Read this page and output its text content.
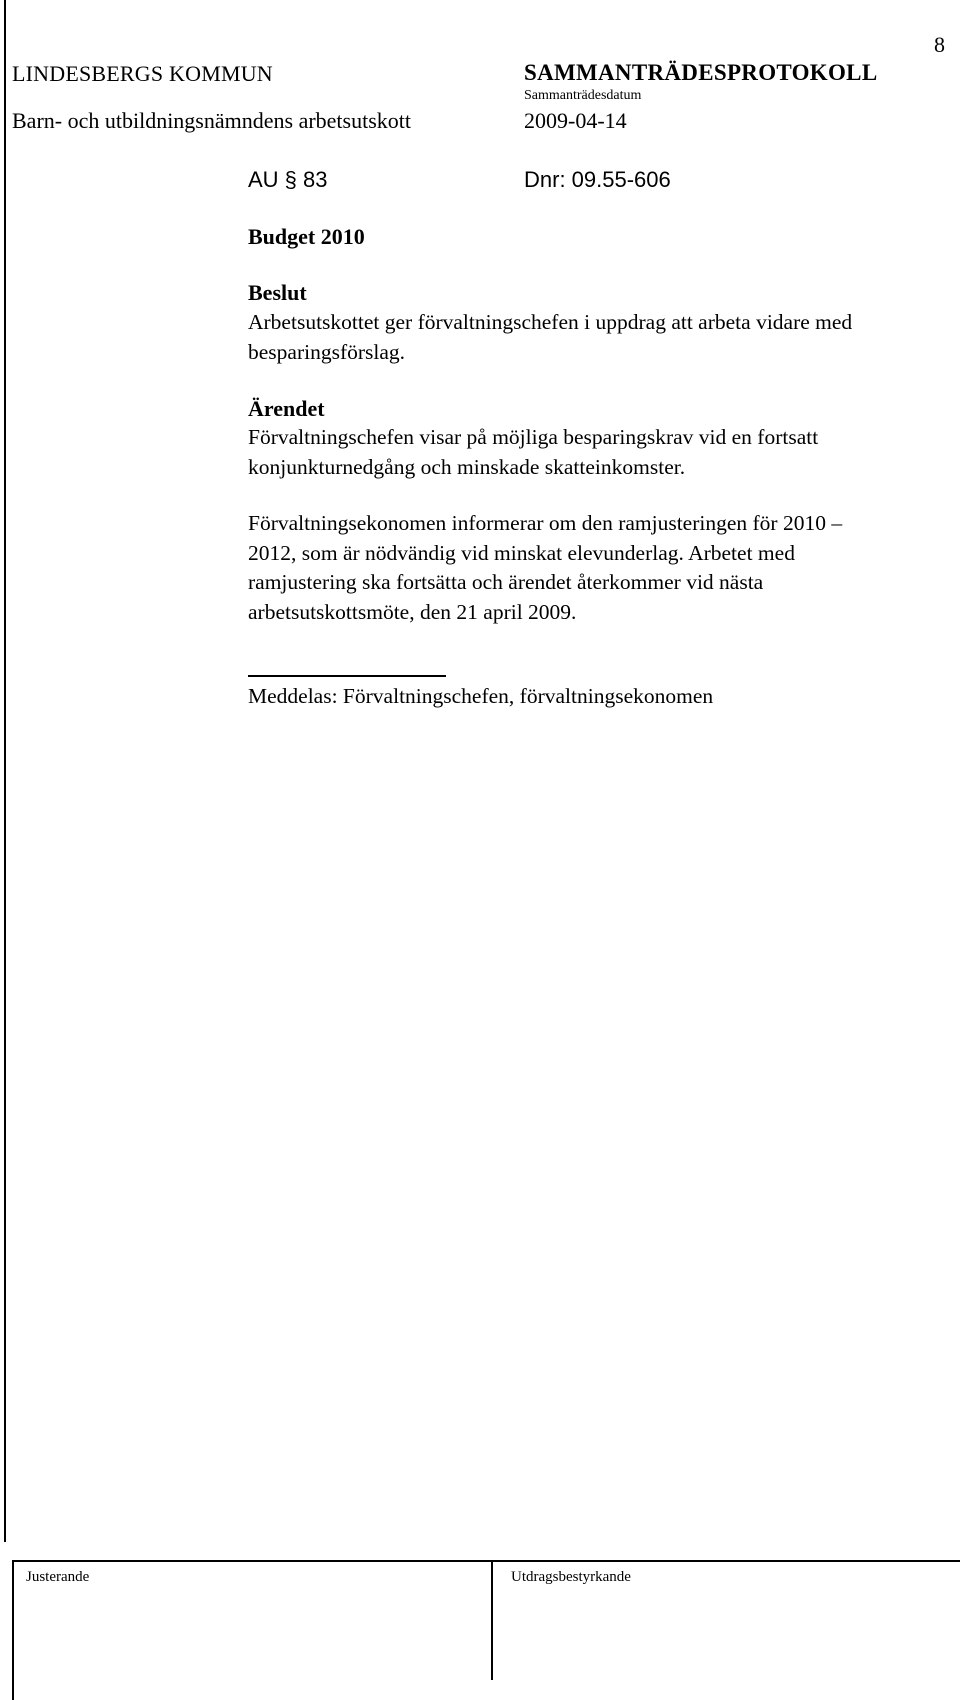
8
LINDESBERGS KOMMUN	SAMMANTRÄDESPROTOKOLL
Sammanträdesdatum
Barn- och utbildningsnämndens arbetsutskott	2009-04-14
AU § 83	Dnr: 09.55-606
Budget 2010
Beslut
Arbetsutskottet ger förvaltningschefen i uppdrag att arbeta vidare med
besparingsförslag.
Ärendet
Förvaltningschefen visar på möjliga besparingskrav vid en fortsatt
konjunkturnedgång och minskade skatteinkomster.
Förvaltningsekonomen informerar om den ramjusteringen för 2010 –
2012, som är nödvändig vid minskat elevunderlag. Arbetet med
ramjustering ska fortsätta och ärendet återkommer vid nästa
arbetsutskottsmöte, den 21 april 2009.
Meddelas: Förvaltningschefen, förvaltningsekonomen
Justerande	Utdragsbestyrkande
